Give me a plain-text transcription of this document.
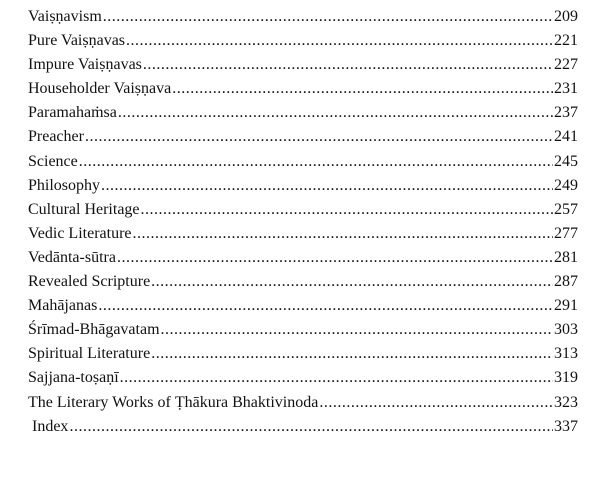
Vaiṣṇavism .....	209
Pure Vaiṣṇavas .....	221
Impure Vaiṣṇavas .....	227
Householder Vaiṣṇava .....	231
Paramahaṁsa .....	237
Preacher .....	241
Science .....	245
Philosophy .....	249
Cultural Heritage .....	257
Vedic Literature .....	277
Vedānta-sūtra .....	281
Revealed Scripture .....	287
Mahājanas .....	291
Śrīmad-Bhāgavatam .....	303
Spiritual Literature .....	313
Sajjana-toṣaṇī .....	319
The Literary Works of Ṭhākura Bhaktivinoda .....	323
Index .....	337
